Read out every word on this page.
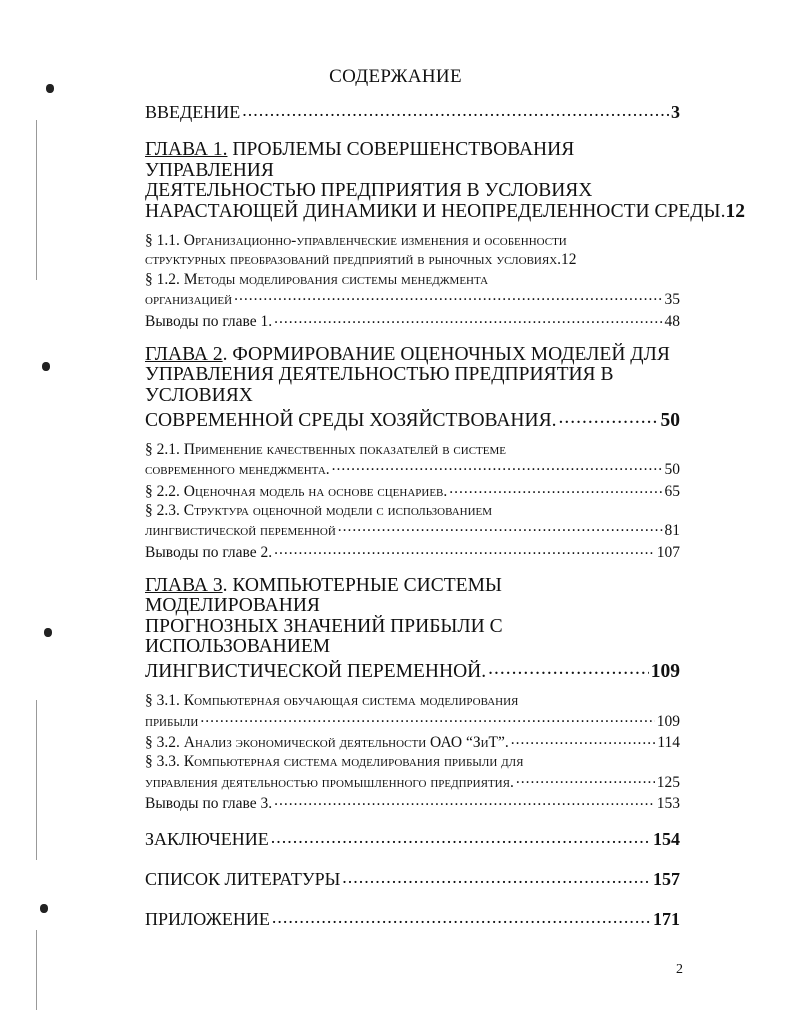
СОДЕРЖАНИЕ
ВВЕДЕНИЕ .....	3
ГЛАВА 1. ПРОБЛЕМЫ СОВЕРШЕНСТВОВАНИЯ УПРАВЛЕНИЯ
ДЕЯТЕЛЬНОСТЬЮ ПРЕДПРИЯТИЯ В УСЛОВИЯХ
НАРАСТАЮЩЕЙ ДИНАМИКИ И НЕОПРЕДЕЛЕННОСТИ СРЕДЫ. 12
§ 1.1. Организационно-управленческие изменения и особенности
структурных преобразований предприятий в рыночных условиях. 12
§ 1.2. Методы моделирования системы менеджмента
организацией .....	35
Выводы по главе 1. .....	48
ГЛАВА 2. ФОРМИРОВАНИЕ ОЦЕНОЧНЫХ МОДЕЛЕЙ ДЛЯ
УПРАВЛЕНИЯ ДЕЯТЕЛЬНОСТЬЮ ПРЕДПРИЯТИЯ В УСЛОВИЯХ
СОВРЕМЕННОЙ СРЕДЫ ХОЗЯЙСТВОВАНИЯ. .....	50
§ 2.1. Применение качественных показателей в системе
современного менеджмента. .....	50
§ 2.2. Оценочная модель на основе сценариев. .....	65
§ 2.3. Структура оценочной модели с использованием
лингвистической переменной .....	81
Выводы по главе 2. .....	107
ГЛАВА 3. КОМПЬЮТЕРНЫЕ СИСТЕМЫ МОДЕЛИРОВАНИЯ
ПРОГНОЗНЫХ ЗНАЧЕНИЙ ПРИБЫЛИ С ИСПОЛЬЗОВАНИЕМ
ЛИНГВИСТИЧЕСКОЙ ПЕРЕМЕННОЙ. .....	109
§ 3.1. Компьютерная обучающая система моделирования
прибыли .....	109
§ 3.2. Анализ экономической деятельности ОАО “ЗиТ”. .....	114
§ 3.3. Компьютерная система моделирования прибыли для
управления деятельностью промышленного предприятия. .....	125
Выводы по главе 3. .....	153
ЗАКЛЮЧЕНИЕ .....	154
СПИСОК ЛИТЕРАТУРЫ .....	157
ПРИЛОЖЕНИЕ .....	171
2
